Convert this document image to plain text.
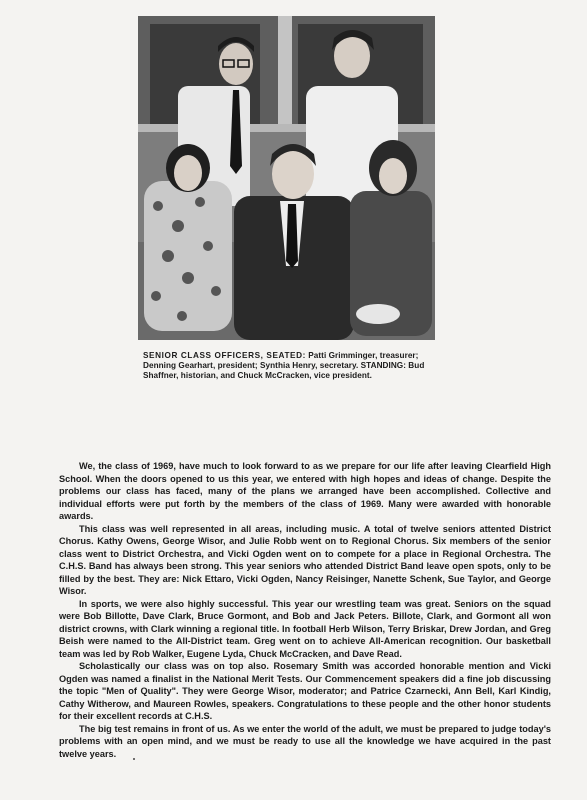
SENIOR CLASS OFFICERS, SEATED: Patti Grimminger, treasurer; Denning Gearhart, president; Synthia Henry, secretary. STANDING: Bud Shaffner, historian, and Chuck McCracken, vice president.

We, the class of 1969, have much to look forward to as we prepare for our life after leaving Clearfield High School. When the doors opened to us this year, we entered with high hopes and ideas of change. Despite the problems our class has faced, many of the plans we arranged have been accomplished. Collective and individual efforts were put forth by the members of the class of 1969. Many were awarded with honorable awards.

This class was well represented in all areas, including music. A total of twelve seniors attented District Chorus. Kathy Owens, George Wisor, and Julie Robb went on to Regional Chorus. Six members of the senior class went to District Orchestra, and Vicki Ogden went on to compete for a place in Regional Orchestra. The C.H.S. Band has always been strong. This year seniors who attended District Band leave open spots, only to be filled by the best. They are: Nick Ettaro, Vicki Ogden, Nancy Reisinger, Nanette Schenk, Sue Taylor, and George Wisor.

In sports, we were also highly successful. This year our wrestling team was great. Seniors on the squad were Bob Billotte, Dave Clark, Bruce Gormont, and Bob and Jack Peters. Billote, Clark, and Gormont all won district crowns, with Clark winning a regional title. In football Herb Wilson, Terry Briskar, Drew Jordan, and Greg Beish were named to the All-District team. Greg went on to achieve All-American recognition. Our basketball team was led by Rob Walker, Eugene Lyda, Chuck McCracken, and Dave Read.

Scholastically our class was on top also. Rosemary Smith was accorded honorable mention and Vicki Ogden was named a finalist in the National Merit Tests. Our Commencement speakers did a fine job discussing the topic "Men of Quality". They were George Wisor, moderator; and Patrice Czarnecki, Ann Bell, Karl Kindig, Cathy Witherow, and Maureen Rowles, speakers. Congratulations to these people and the other honor students for their excellent records at C.H.S.

The big test remains in front of us. As we enter the world of the adult, we must be prepared to judge today's problems with an open mind, and we must be ready to use all the knowledge we have acquired in the past twelve years.
